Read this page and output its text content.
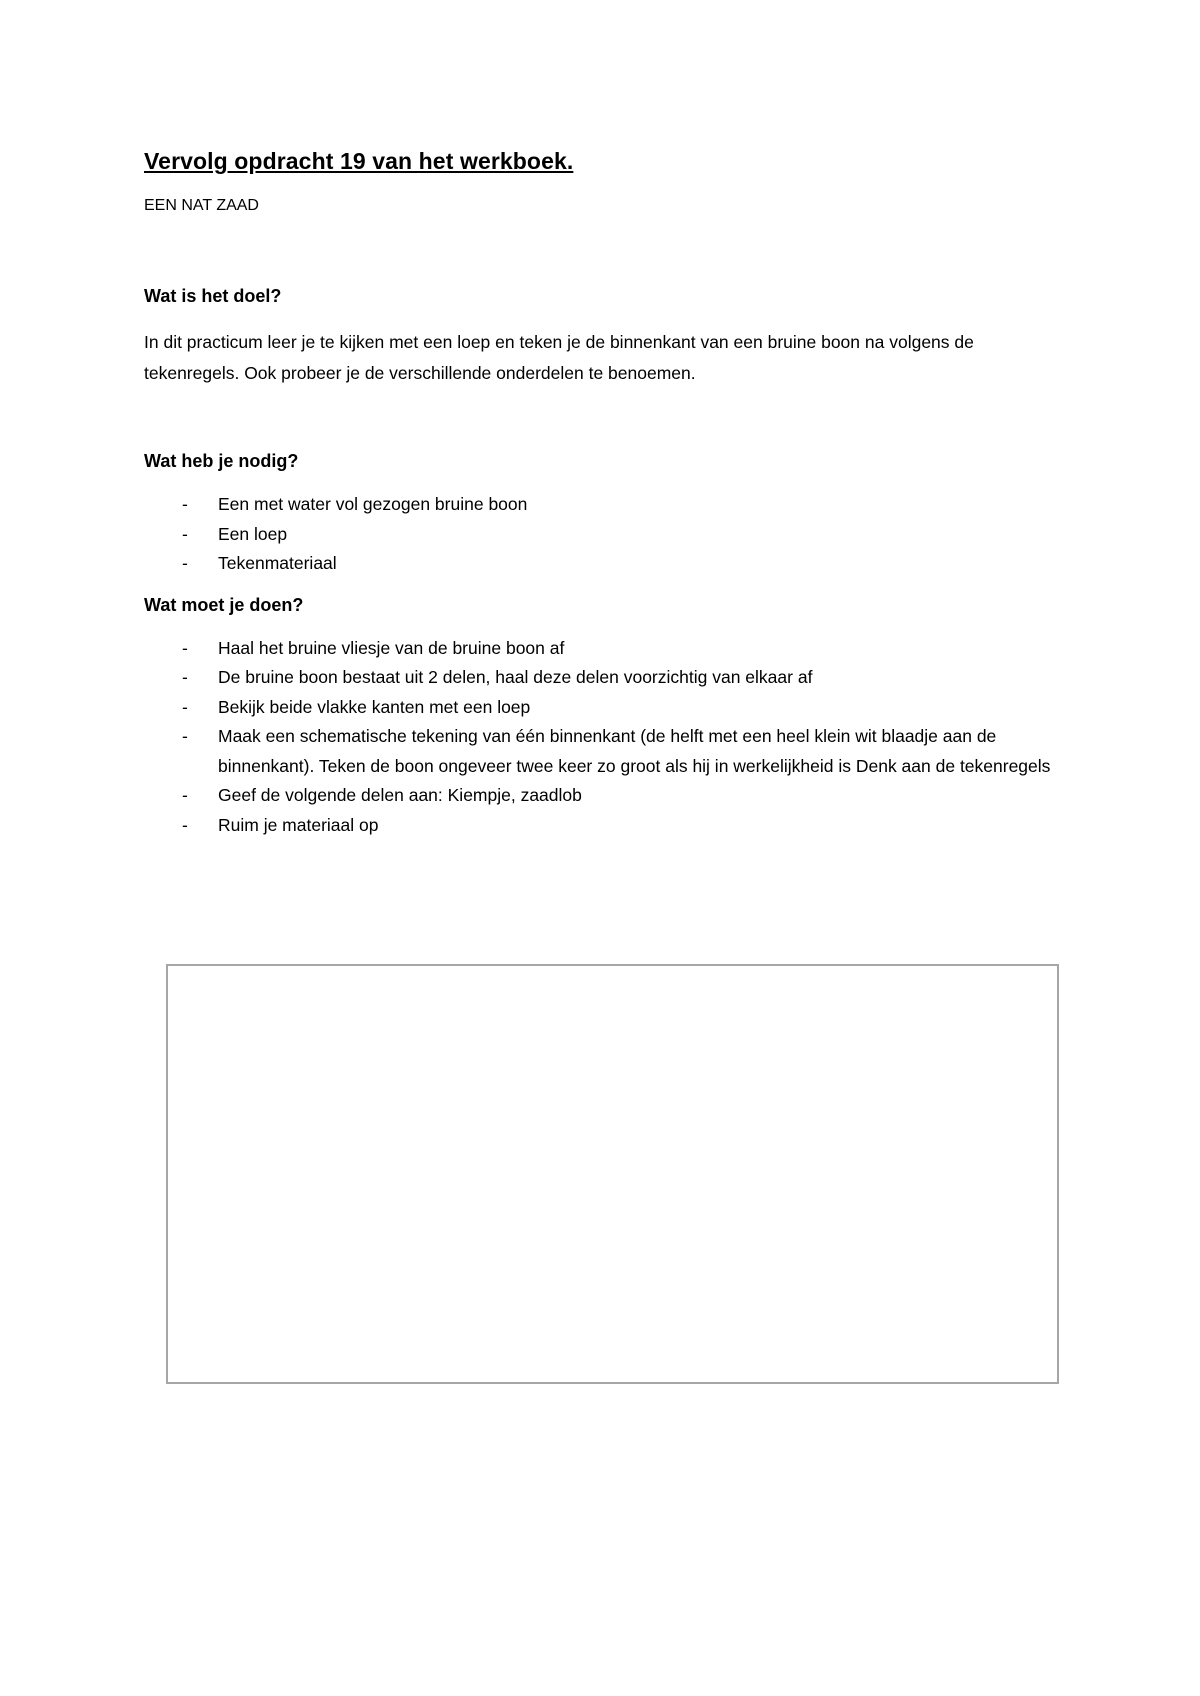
Vervolg opdracht 19 van het werkboek.

EEN NAT ZAAD

Wat is het doel?

In dit practicum leer je te kijken met een loep en teken je de binnenkant van een bruine boon na volgens de tekenregels. Ook probeer je de verschillende onderdelen te benoemen.

Wat heb je nodig?
- Een met water vol gezogen bruine boon
- Een loep
- Tekenmateriaal
Wat moet je doen?
- Haal het bruine vliesje van de bruine boon af
- De bruine boon bestaat uit 2 delen, haal deze delen voorzichtig van elkaar af
- Bekijk beide vlakke kanten met een loep
- Maak een schematische tekening van één binnenkant (de helft met een heel klein wit blaadje aan de binnenkant). Teken de boon ongeveer twee keer zo groot als hij in werkelijkheid is Denk aan de tekenregels
- Geef de volgende delen aan: Kiempje, zaadlob
- Ruim je materiaal op
